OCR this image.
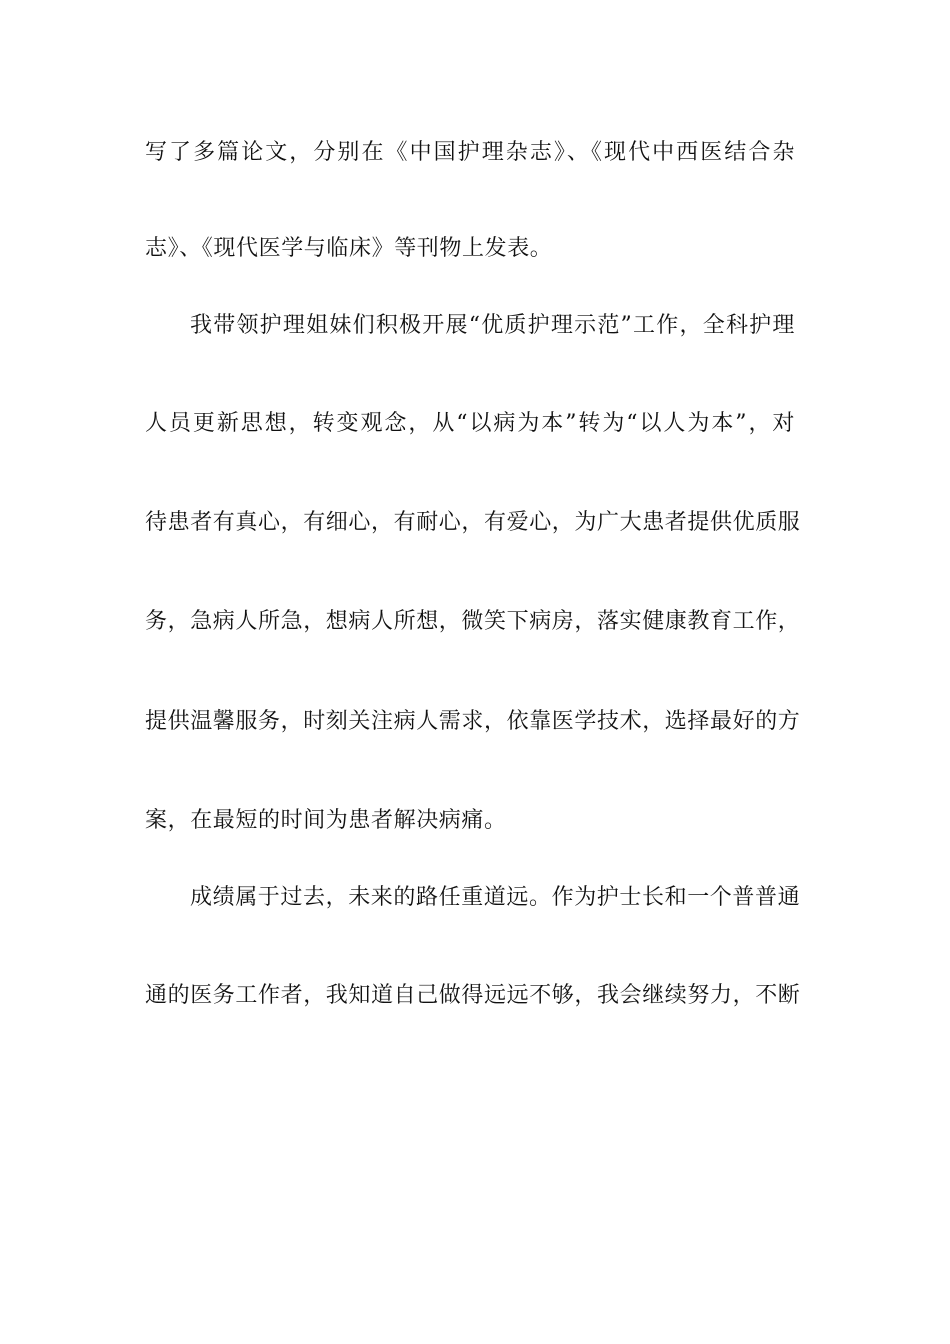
写了多篇论文，分别在《中国护理杂志》、《现代中西医结合杂
志》、《现代医学与临床》等刊物上发表。
我带领护理姐妹们积极开展“优质护理示范”工作，全科护理
人员更新思想，转变观念，从“以病为本”转为“以人为本”，对
待患者有真心，有细心，有耐心，有爱心，为广大患者提供优质服
务，急病人所急，想病人所想，微笑下病房，落实健康教育工作，
提供温馨服务，时刻关注病人需求，依靠医学技术，选择最好的方
案，在最短的时间为患者解决病痛。
成绩属于过去，未来的路任重道远。作为护士长和一个普普通
通的医务工作者，我知道自己做得远远不够，我会继续努力，不断
